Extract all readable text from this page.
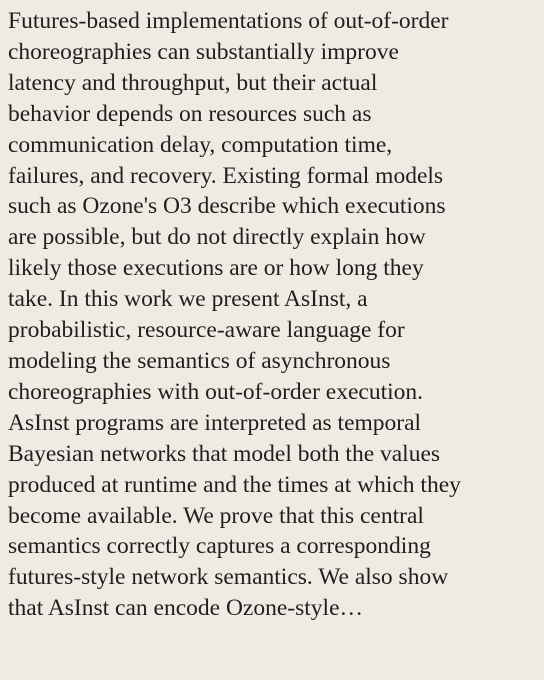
Futures-based implementations of out-of-order
choreographies can substantially improve
latency and throughput, but their actual
behavior depends on resources such as
communication delay, computation time,
failures, and recovery. Existing formal models
such as Ozone's O3 describe which executions
are possible, but do not directly explain how
likely those executions are or how long they
take. In this work we present AsInst, a
probabilistic, resource-aware language for
modeling the semantics of asynchronous
choreographies with out-of-order execution.
AsInst programs are interpreted as temporal
Bayesian networks that model both the values
produced at runtime and the times at which they
become available. We prove that this central
semantics correctly captures a corresponding
futures-style network semantics. We also show
that AsInst can encode Ozone-style…
